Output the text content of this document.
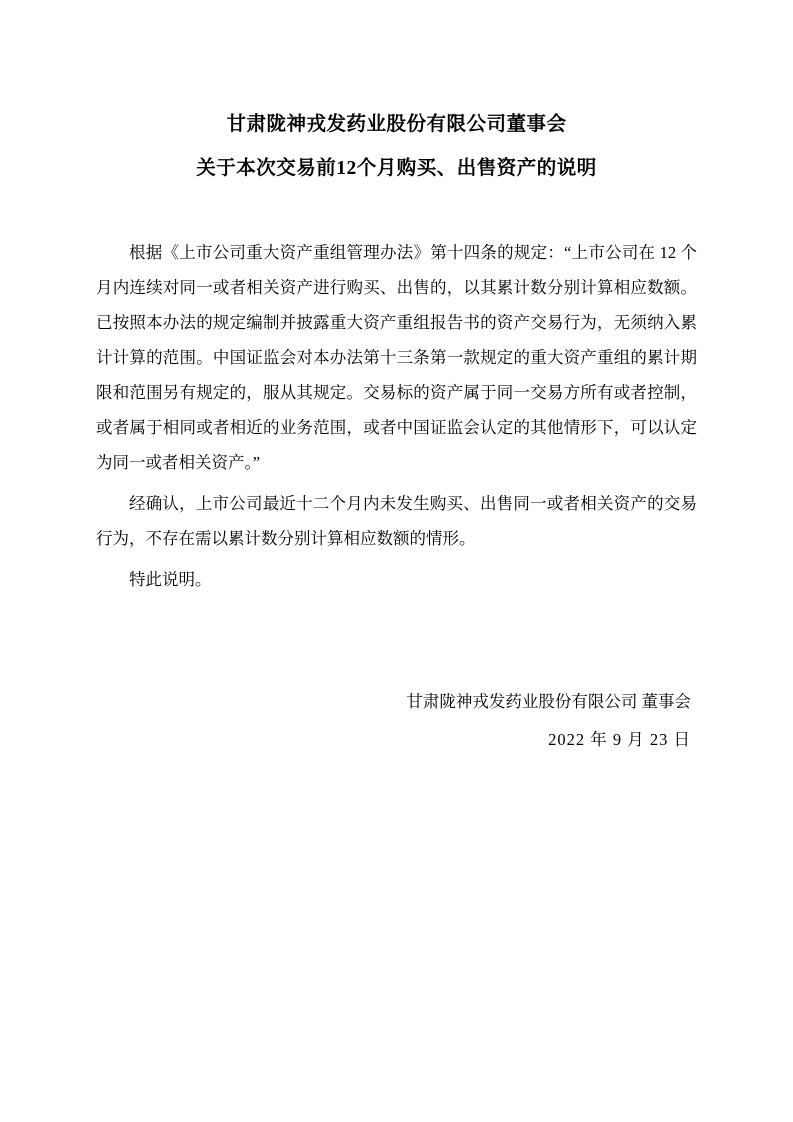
甘肃陇神戎发药业股份有限公司董事会
关于本次交易前12个月购买、出售资产的说明

根据《上市公司重大资产重组管理办法》第十四条的规定：“上市公司在 12 个月内连续对同一或者相关资产进行购买、出售的，以其累计数分别计算相应数额。已按照本办法的规定编制并披露重大资产重组报告书的资产交易行为，无须纳入累计计算的范围。中国证监会对本办法第十三条第一款规定的重大资产重组的累计期限和范围另有规定的，服从其规定。交易标的资产属于同一交易方所有或者控制，或者属于相同或者相近的业务范围，或者中国证监会认定的其他情形下，可以认定为同一或者相关资产。”

经确认，上市公司最近十二个月内未发生购买、出售同一或者相关资产的交易行为，不存在需以累计数分别计算相应数额的情形。

特此说明。

甘肃陇神戎发药业股份有限公司 董事会
2022 年 9 月 23 日
